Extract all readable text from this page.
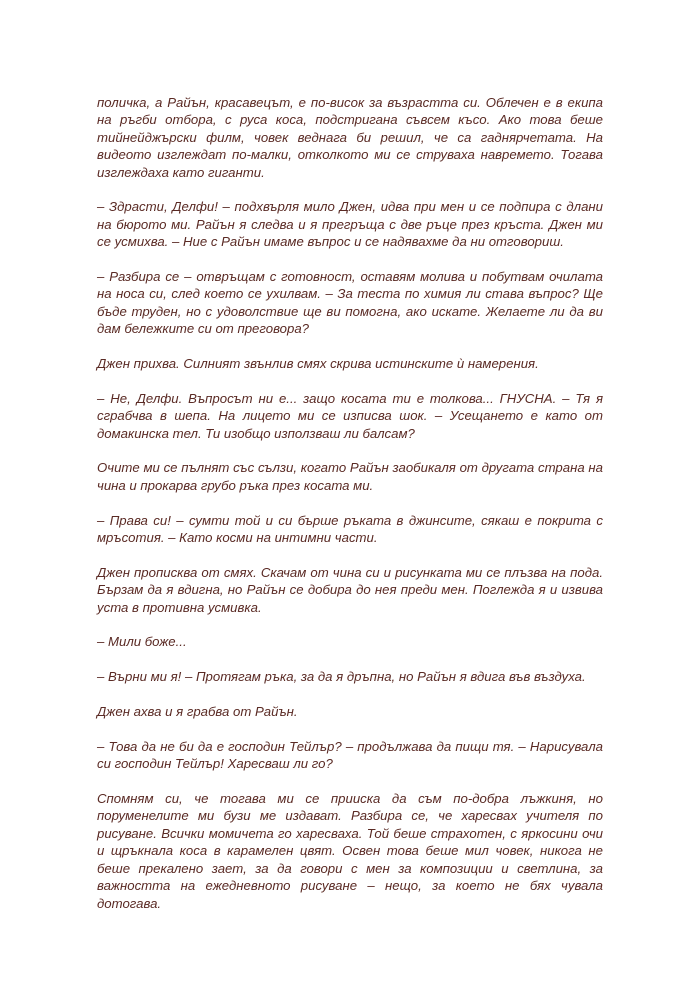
поличка, а Райън, красавецът, е по-висок за възрастта си. Облечен е в екипа на ръгби отбора, с руса коса, подстригана съвсем късо. Ако това беше тийнейджърски филм, човек веднага би решил, че са гаднярчетата. На видеото изглеждат по-малки, отколкото ми се струваха навремето. Тогава изглеждаха като гиганти.

– Здрасти, Делфи! – подхвърля мило Джен, идва при мен и се подпира с длани на бюрото ми. Райън я следва и я прегръща с две ръце през кръста. Джен ми се усмихва. – Ние с Райън имаме въпрос и се надявахме да ни отговориш.

– Разбира се – отвръщам с готовност, оставям молива и побутвам очилата на носа си, след което се ухилвам. – За теста по химия ли става въпрос? Ще бъде труден, но с удоволствие ще ви помогна, ако искате. Желаете ли да ви дам бележките си от преговора?

Джен прихва. Силният звънлив смях скрива истинските ѝ намерения.

– Не, Делфи. Въпросът ни е... защо косата ти е толкова... ГНУСНА. – Тя я сграбчва в шепа. На лицето ми се изписва шок. – Усещането е като от домакинска тел. Ти изобщо използваш ли балсам?

Очите ми се пълнят със сълзи, когато Райън заобикаля от другата страна на чина и прокарва грубо ръка през косата ми.

– Права си! – сумти той и си бърше ръката в джинсите, сякаш е покрита с мръсотия. – Като косми на интимни части.

Джен прописква от смях. Скачам от чина си и рисунката ми се плъзва на пода. Бързам да я вдигна, но Райън се добира до нея преди мен. Поглежда я и извива уста в противна усмивка.

– Мили боже...

– Върни ми я! – Протягам ръка, за да я дръпна, но Райън я вдига във въздуха.

Джен ахва и я грабва от Райън.

– Това да не би да е господин Тейлър? – продължава да пищи тя. – Нарисувала си господин Тейлър! Харесваш ли го?

Спомням си, че тогава ми се прииска да съм по-добра лъжкиня, но поруменелите ми бузи ме издават. Разбира се, че харесвах учителя по рисуване. Всички момичета го харесваха. Той беше страхотен, с яркосини очи и щръкнала коса в карамелен цвят. Освен това беше мил човек, никога не беше прекалено зает, за да говори с мен за композиции и светлина, за важността на ежедневното рисуване – нещо, за което не бях чувала дотогава.
